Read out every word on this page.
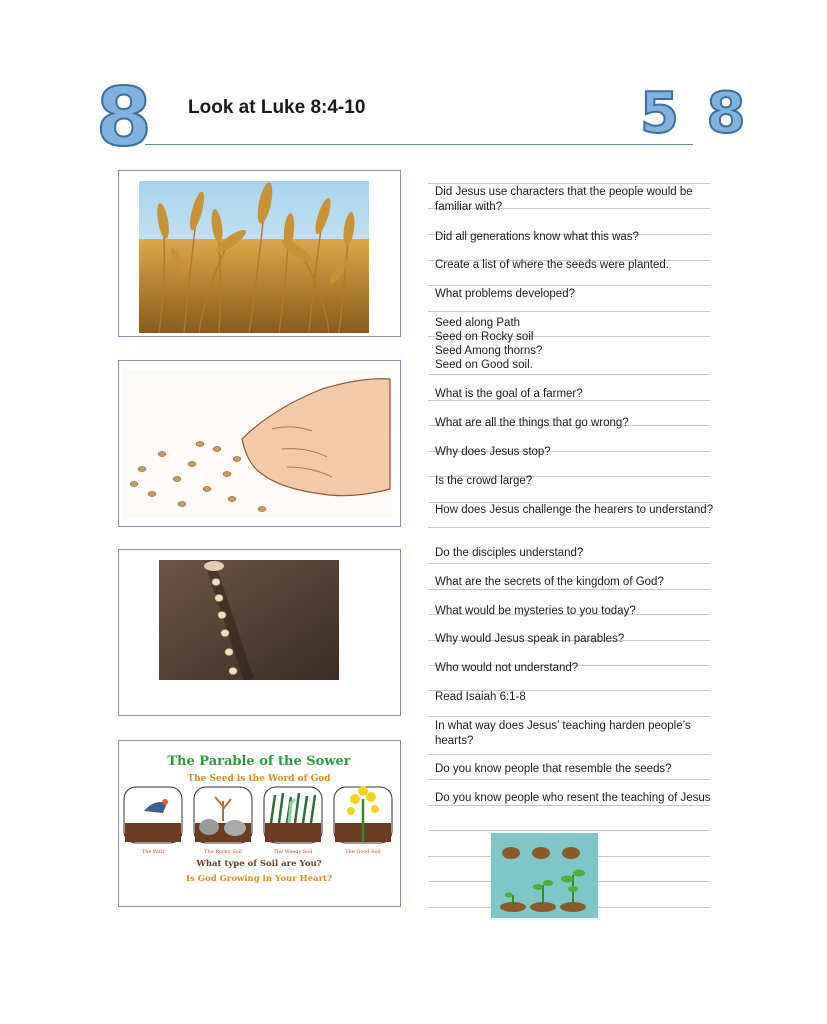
8 Look at Luke 8:4-10	5 8
The Parable of the Sower
The Seed is the Word of God
The Path	The Rocky Soil	The Weedy Soil	The Good Soil
What type of Soil are You?
Is God Growing in Your Heart?
Did Jesus use characters that the people would be familiar with?
Did all generations know what this was?
Create a list of where the seeds were planted.
What problems developed?
Seed along Path
Seed on Rocky soil
Seed Among thorns?
Seed on Good soil.
What is the goal of a farmer?
What are all the things that go wrong?
Why does Jesus stop?
Is the crowd large?
How does Jesus challenge the hearers to understand?
Do the disciples understand?
What are the secrets of the kingdom of God?
What would be mysteries to you today?
Why would Jesus speak in parables?
Who would not understand?
Read Isaiah 6:1-8
In what way does Jesus’ teaching harden people’s hearts?
Do you know people that resemble the seeds?
Do you know people who resent the teaching of Jesus
